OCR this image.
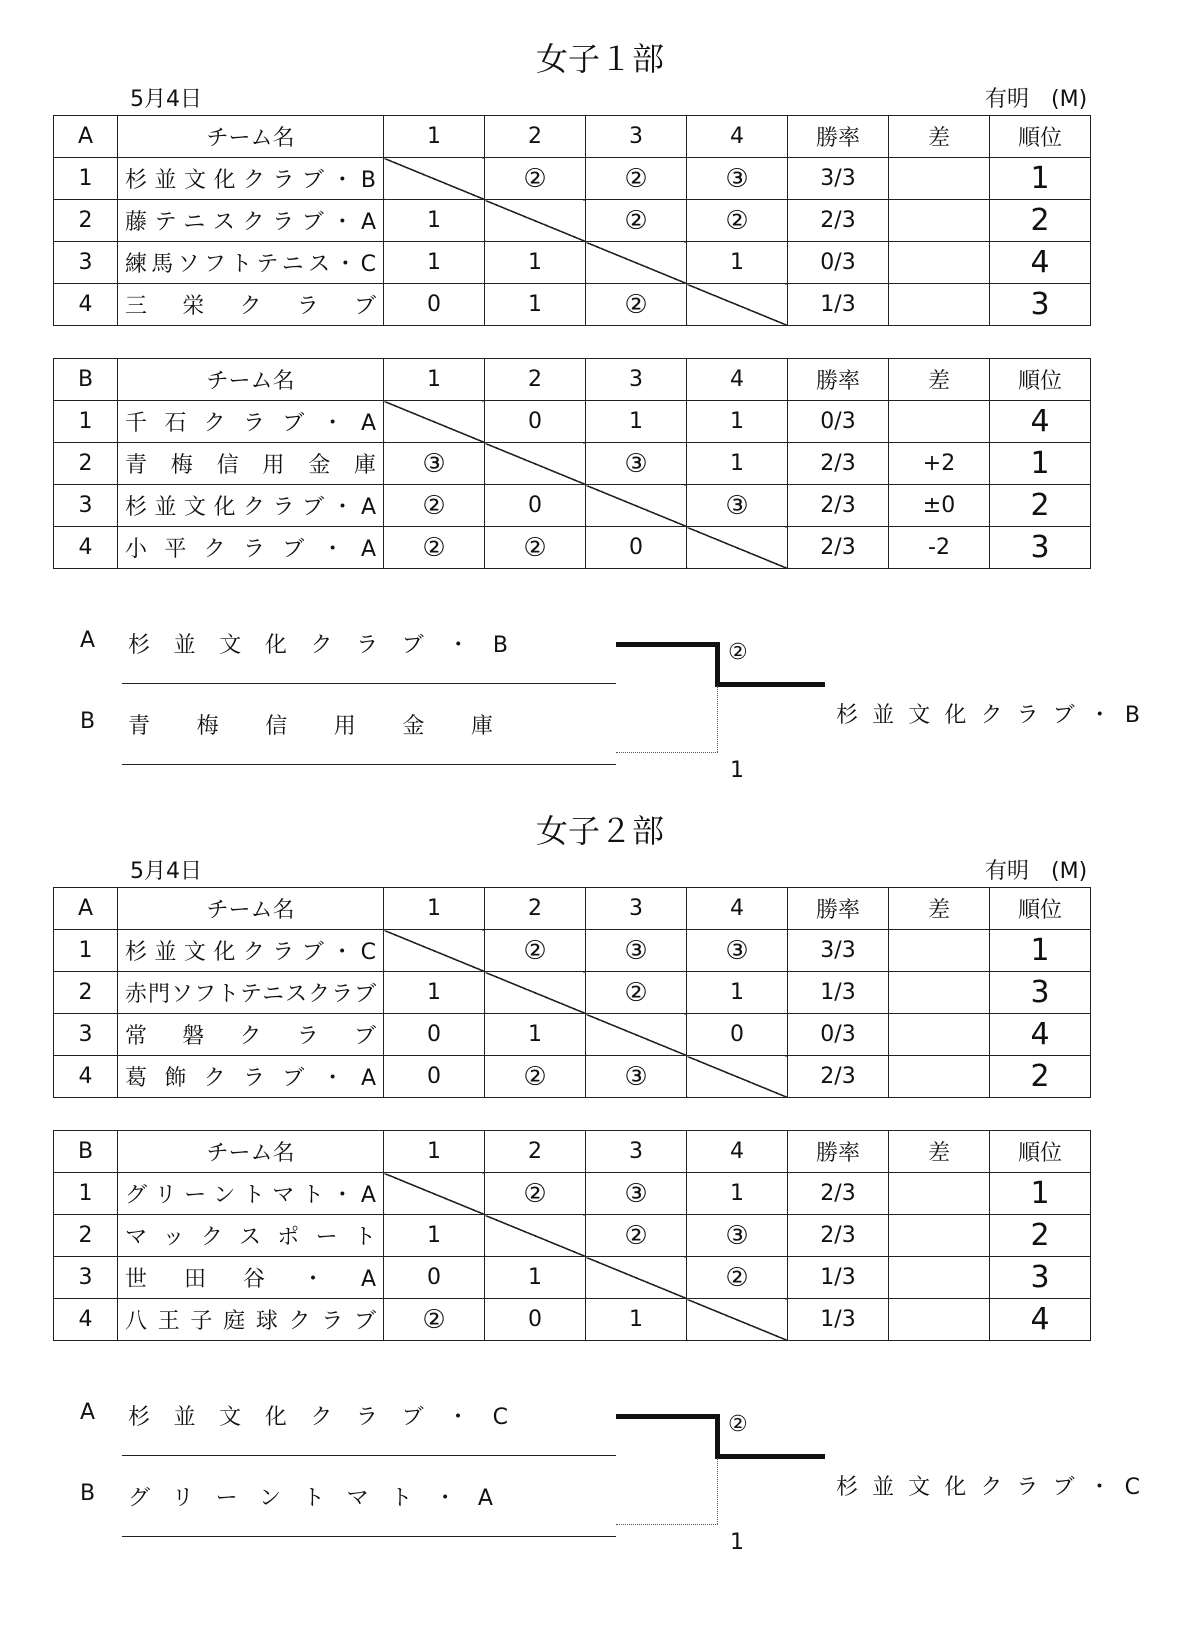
女子１部
5月4日	有明　(M)
A	チーム名	1	2	3	4	勝率	差	順位
1	杉並文化クラブ・B		②	②	③	3/3		1
2	藤テニスクラブ・A	1		②	②	2/3		2
3	練馬ソフトテニス・C	1	1		1	0/3		4
4	三栄クラブ	0	1	②		1/3		3
B	チーム名	1	2	3	4	勝率	差	順位
1	千石クラブ・A		0	1	1	0/3		4
2	青梅信用金庫	③		③	1	2/3	+2	1
3	杉並文化クラブ・A	②	0		③	2/3	±0	2
4	小平クラブ・A	②	②	0		2/3	-2	3
A 杉並文化クラブ・B
B 青梅信用金庫
②
1
杉並文化クラブ・B
女子２部
5月4日	有明　(M)
A	チーム名	1	2	3	4	勝率	差	順位
1	杉並文化クラブ・C		②	③	③	3/3		1
2	赤門ソフトテニスクラブ	1		②	1	1/3		3
3	常磐クラブ	0	1		0	0/3		4
4	葛飾クラブ・A	0	②	③		2/3		2
B	チーム名	1	2	3	4	勝率	差	順位
1	グリーントマト・A		②	③	1	2/3		1
2	マックスポート	1		②	③	2/3		2
3	世田谷・A	0	1		②	1/3		3
4	八王子庭球クラブ	②	0	1		1/3		4
A 杉並文化クラブ・C
B グリーントマト・A
②
1
杉並文化クラブ・C
